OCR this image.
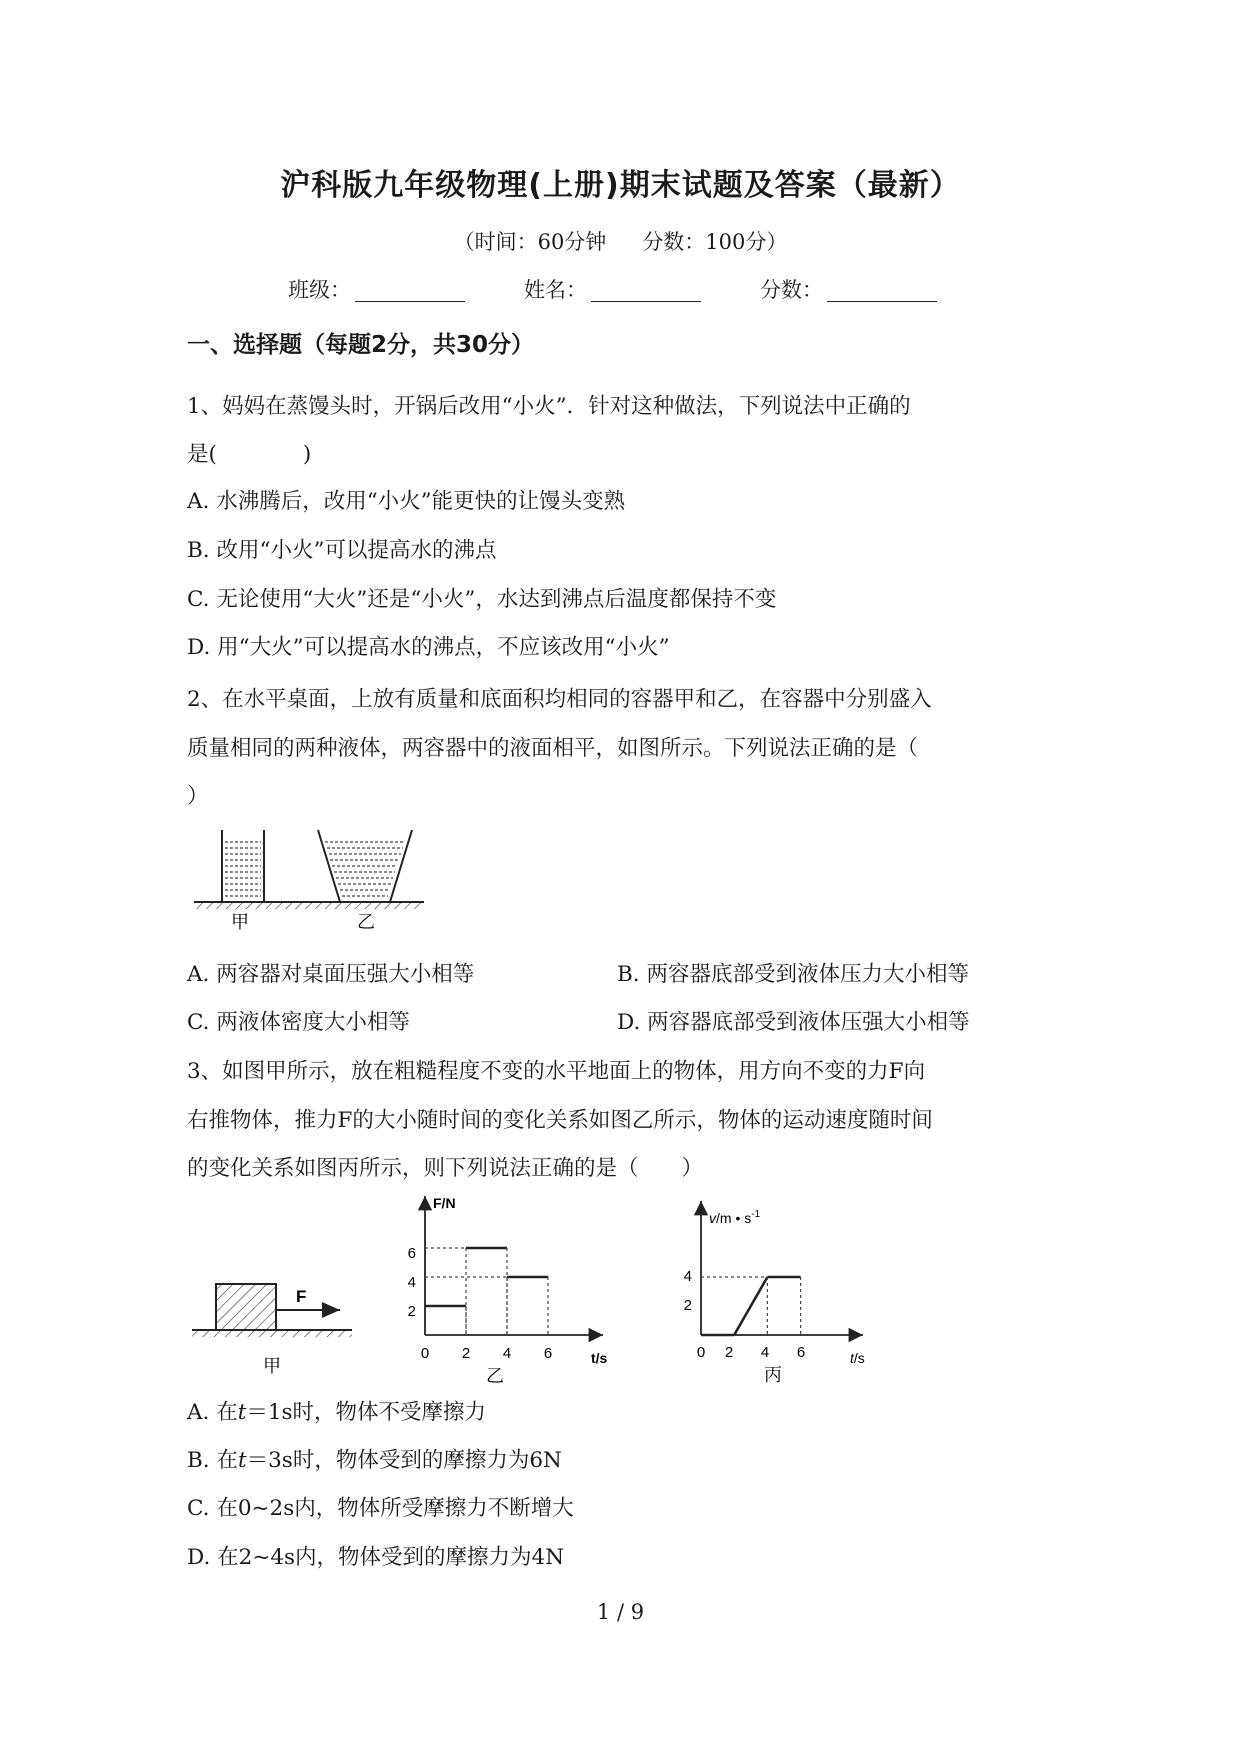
沪科版九年级物理(上册)期末试题及答案（最新）
（时间：60分钟 分数：100分）
班级：	姓名：	分数：
一、选择题（每题2分，共30分）
1、妈妈在蒸馒头时，开锅后改用“小火”．针对这种做法，下列说法中正确的
是(　　　　)
A. 水沸腾后，改用“小火”能更快的让馒头变熟
B. 改用“小火”可以提高水的沸点
C. 无论使用“大火”还是“小火”，水达到沸点后温度都保持不变
D. 用“大火”可以提高水的沸点，不应该改用“小火”
2、在水平桌面，上放有质量和底面积均相同的容器甲和乙，在容器中分别盛入
质量相同的两种液体，两容器中的液面相平，如图所示。下列说法正确的是（
）
甲	乙
A. 两容器对桌面压强大小相等	B. 两容器底部受到液体压力大小相等
C. 两液体密度大小相等	D. 两容器底部受到液体压强大小相等
3、如图甲所示，放在粗糙程度不变的水平地面上的物体，用方向不变的力F向
右推物体，推力F的大小随时间的变化关系如图乙所示，物体的运动速度随时间
的变化关系如图丙所示，则下列说法正确的是（　　）
F
甲
F/N
t/s
2
4
6
0 2 4 6
乙
v/m • $s^{-1}$
t/s
2
4
0 2 4 6
丙
A. 在t＝1s时，物体不受摩擦力
B. 在t＝3s时，物体受到的摩擦力为6N
C. 在0~2s内，物体所受摩擦力不断增大
D. 在2~4s内，物体受到的摩擦力为4N
1 / 9
